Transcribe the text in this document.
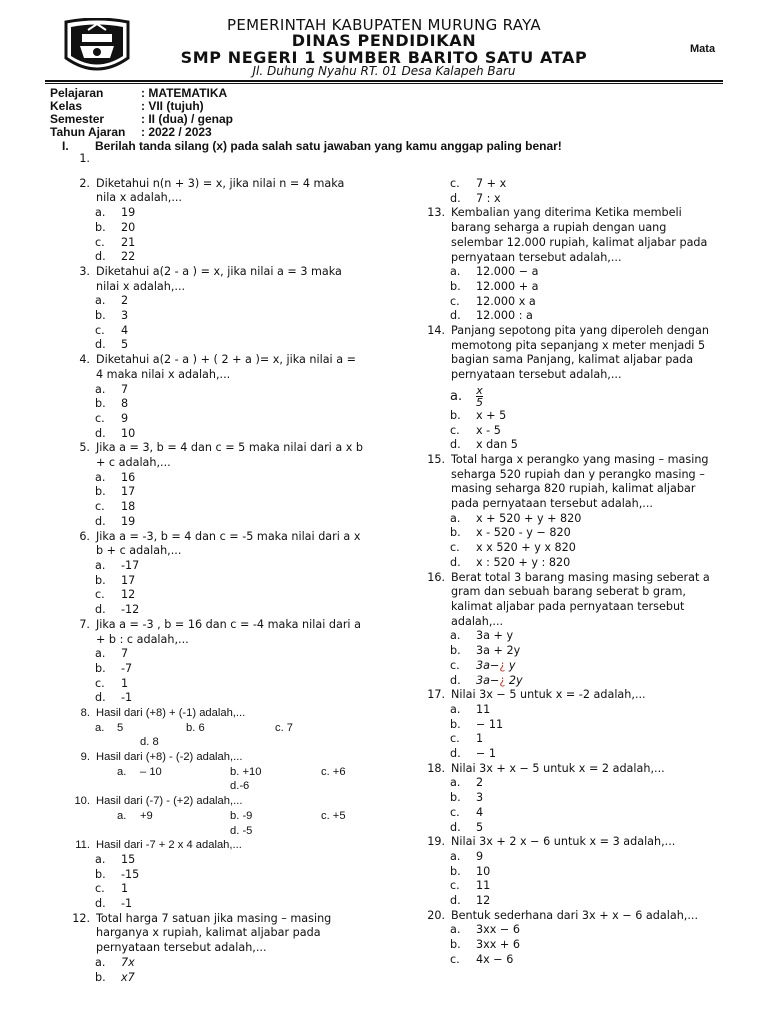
PEMERINTAH KABUPATEN MURUNG RAYA
DINAS PENDIDIKAN
SMP NEGERI 1 SUMBER BARITO SATU ATAP
Jl. Duhung Nyahu RT. 01 Desa Kalapeh Baru
Mata
Pelajaran	: MATEMATIKA
Kelas	: VII (tujuh)
Semester	: II (dua) / genap
Tahun Ajaran : 2022 / 2023
I. Berilah tanda silang (x) pada salah satu jawaban yang kamu anggap paling benar!
1.

2. Diketahui n(n + 3) = x, jika nilai n = 4 maka nila x adalah,...
a. 19
b. 20
c. 21
d. 22
3. Diketahui a(2 - a ) = x, jika nilai a = 3 maka nilai x adalah,...
a. 2
b. 3
c. 4
d. 5
4. Diketahui a(2 - a ) + ( 2 + a )= x, jika nilai a = 4 maka nilai x adalah,...
a. 7
b. 8
c. 9
d. 10
5. Jika a = 3, b = 4 dan c = 5 maka nilai dari a x b + c adalah,...
a. 16
b. 17
c. 18
d. 19
6. Jika a = -3, b = 4 dan c = -5 maka nilai dari a x b + c adalah,...
a. -17
b. 17
c. 12
d. -12
7. Jika a = -3 , b = 16 dan c = -4 maka nilai dari a + b : c adalah,...
a. 7
b. -7
c. 1
d. -1
8. Hasil dari (+8) + (-1) adalah,...
a. 5	b. 6	c. 7
d. 8
9. Hasil dari (+8) - (-2) adalah,...
a. – 10	b. +10	c. +6
d.-6
10. Hasil dari (-7) - (+2) adalah,...
a. +9	b. -9	c. +5
d. -5
11. Hasil dari -7 + 2 x 4 adalah,...
a. 15
b. -15
c. 1
d. -1
12. Total harga 7 satuan jika masing – masing harganya x rupiah, kalimat aljabar pada pernyataan tersebut adalah,...
a. 7x
b. x7
c. 7 + x
d. 7 : x
13. Kembalian yang diterima Ketika membeli barang seharga a rupiah dengan uang selembar 12.000 rupiah, kalimat aljabar pada pernyataan tersebut adalah,...
a. 12.000 − a
b. 12.000 + a
c. 12.000 x a
d. 12.000 : a
14. Panjang sepotong pita yang diperoleh dengan memotong pita sepanjang x meter menjadi 5 bagian sama Panjang, kalimat aljabar pada pernyataan tersebut adalah,...
a. $\frac{x}{5}$
b. x + 5
c. x - 5
d. x dan 5
15. Total harga x perangko yang masing – masing seharga 520 rupiah dan y perangko masing – masing seharga 820 rupiah, kalimat aljabar pada pernyataan tersebut adalah,...
a. x + 520 + y + 820
b. x - 520 - y − 820
c. x x 520 + y x 820
d. x : 520 + y : 820
16. Berat total 3 barang masing masing seberat a gram dan sebuah barang seberat b gram, kalimat aljabar pada pernyataan tersebut adalah,...
a. 3a + y
b. 3a + 2y
c. 3a−¿ y
d. 3a−¿ 2y
17. Nilai 3x − 5 untuk x = -2 adalah,...
a. 11
b. − 11
c. 1
d. − 1
18. Nilai 3x + x − 5 untuk x = 2 adalah,...
a. 2
b. 3
c. 4
d. 5
19. Nilai 3x + 2 x − 6 untuk x = 3 adalah,...
a. 9
b. 10
c. 11
d. 12
20. Bentuk sederhana dari 3x + x − 6 adalah,...
a. 3xx − 6
b. 3xx + 6
c. 4x − 6
